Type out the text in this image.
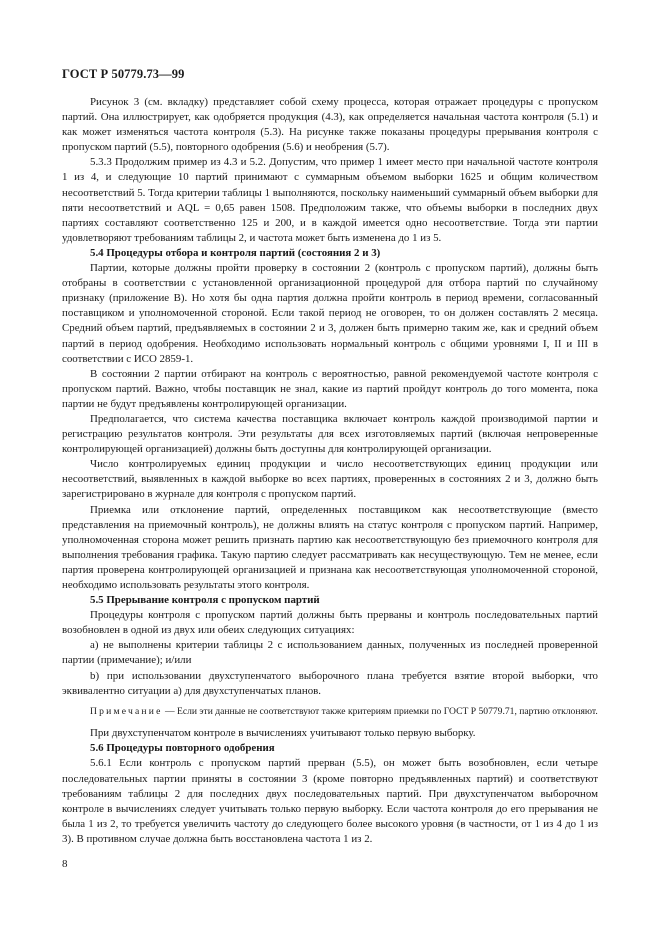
ГОСТ Р 50779.73—99

Рисунок 3 (см. вкладку) представляет собой схему процесса, которая отражает процедуры с пропуском партий. Она иллюстрирует, как одобряется продукция (4.3), как определяется начальная частота контроля (5.1) и как может изменяться частота контроля (5.3). На рисунке также показаны процедуры прерывания контроля с пропуском партий (5.5), повторного одобрения (5.6) и необрения (5.7).

5.3.3 Продолжим пример из 4.3 и 5.2. Допустим, что пример 1 имеет место при начальной частоте контроля 1 из 4, и следующие 10 партий принимают с суммарным объемом выборки 1625 и общим количеством несоответствий 5. Тогда критерии таблицы 1 выполняются, поскольку наименьший суммарный объем выборки для пяти несоответствий и AQL = 0,65 равен 1508. Предположим также, что объемы выборки в последних двух партиях составляют соответственно 125 и 200, и в каждой имеется одно несоответствие. Тогда эти партии удовлетворяют требованиям таблицы 2, и частота может быть изменена до 1 из 5.

5.4 Процедуры отбора и контроля партий (состояния 2 и 3)

Партии, которые должны пройти проверку в состоянии 2 (контроль с пропуском партий), должны быть отобраны в соответствии с установленной организационной процедурой для отбора партий по случайному признаку (приложение В). Но хотя бы одна партия должна пройти контроль в период времени, согласованный поставщиком и уполномоченной стороной. Если такой период не оговорен, то он должен составлять 2 месяца. Средний объем партий, предъявляемых в состоянии 2 и 3, должен быть примерно таким же, как и средний объем партий в период одобрения. Необходимо использовать нормальный контроль с общими уровнями I, II и III в соответствии с ИСО 2859-1.

В состоянии 2 партии отбирают на контроль с вероятностью, равной рекомендуемой частоте контроля с пропуском партий. Важно, чтобы поставщик не знал, какие из партий пройдут контроль до того момента, пока партии не будут предъявлены контролирующей организации.

Предполагается, что система качества поставщика включает контроль каждой производимой партии и регистрацию результатов контроля. Эти результаты для всех изготовляемых партий (включая непроверенные контролирующей организацией) должны быть доступны для контролирующей организации.

Число контролируемых единиц продукции и число несоответствующих единиц продукции или несоответствий, выявленных в каждой выборке во всех партиях, проверенных в состояниях 2 и 3, должно быть зарегистрировано в журнале для контроля с пропуском партий.

Приемка или отклонение партий, определенных поставщиком как несоответствующие (вместо представления на приемочный контроль), не должны влиять на статус контроля с пропуском партий. Например, уполномоченная сторона может решить признать партию как несоответствующую без приемочного контроля для выполнения требования графика. Такую партию следует рассматривать как несуществующую. Тем не менее, если партия проверена контролирующей организацией и признана как несоответствующая уполномоченной стороной, необходимо использовать результаты этого контроля.

5.5 Прерывание контроля с пропуском партий

Процедуры контроля с пропуском партий должны быть прерваны и контроль последовательных партий возобновлен в одной из двух или обеих следующих ситуациях:

а) не выполнены критерии таблицы 2 с использованием данных, полученных из последней проверенной партии (примечание); и/или

b) при использовании двухступенчатого выборочного плана требуется взятие второй выборки, что эквивалентно ситуации а) для двухступенчатых планов.

Примечание — Если эти данные не соответствуют также критериям приемки по ГОСТ Р 50779.71, партию отклоняют.

При двухступенчатом контроле в вычислениях учитывают только первую выборку.

5.6 Процедуры повторного одобрения

5.6.1 Если контроль с пропуском партий прерван (5.5), он может быть возобновлен, если четыре последовательных партии приняты в состоянии 3 (кроме повторно предъявленных партий) и соответствуют требованиям таблицы 2 для последних двух последовательных партий. При двухступенчатом выборочном контроле в вычислениях следует учитывать только первую выборку. Если частота контроля до его прерывания не была 1 из 2, то требуется увеличить частоту до следующего более высокого уровня (в частности, от 1 из 4 до 1 из 3). В противном случае должна быть восстановлена частота 1 из 2.

8
